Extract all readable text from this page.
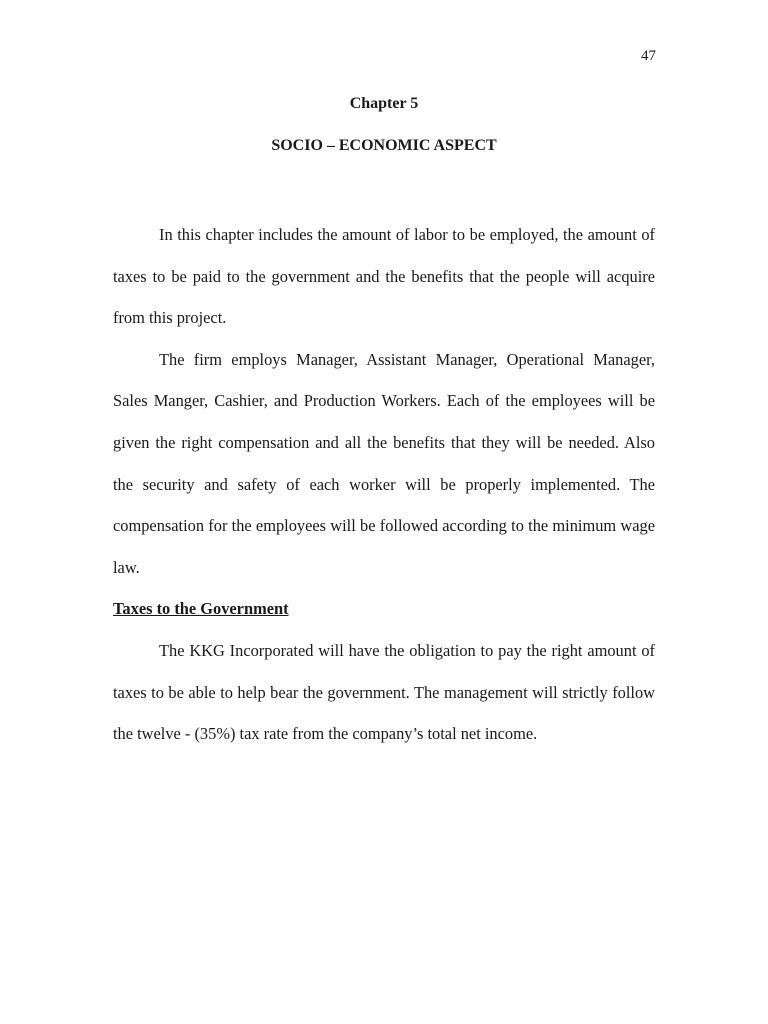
47
Chapter 5
SOCIO – ECONOMIC ASPECT

In this chapter includes the amount of labor to be employed, the amount of taxes to be paid to the government and the benefits that the people will acquire from this project.

The firm employs Manager, Assistant Manager, Operational Manager, Sales Manger, Cashier, and Production Workers. Each of the employees will be given the right compensation and all the benefits that they will be needed. Also the security and safety of each worker will be properly implemented. The compensation for the employees will be followed according to the minimum wage law.

Taxes to the Government

The KKG Incorporated will have the obligation to pay the right amount of taxes to be able to help bear the government. The management will strictly follow the twelve - (35%) tax rate from the company’s total net income.
